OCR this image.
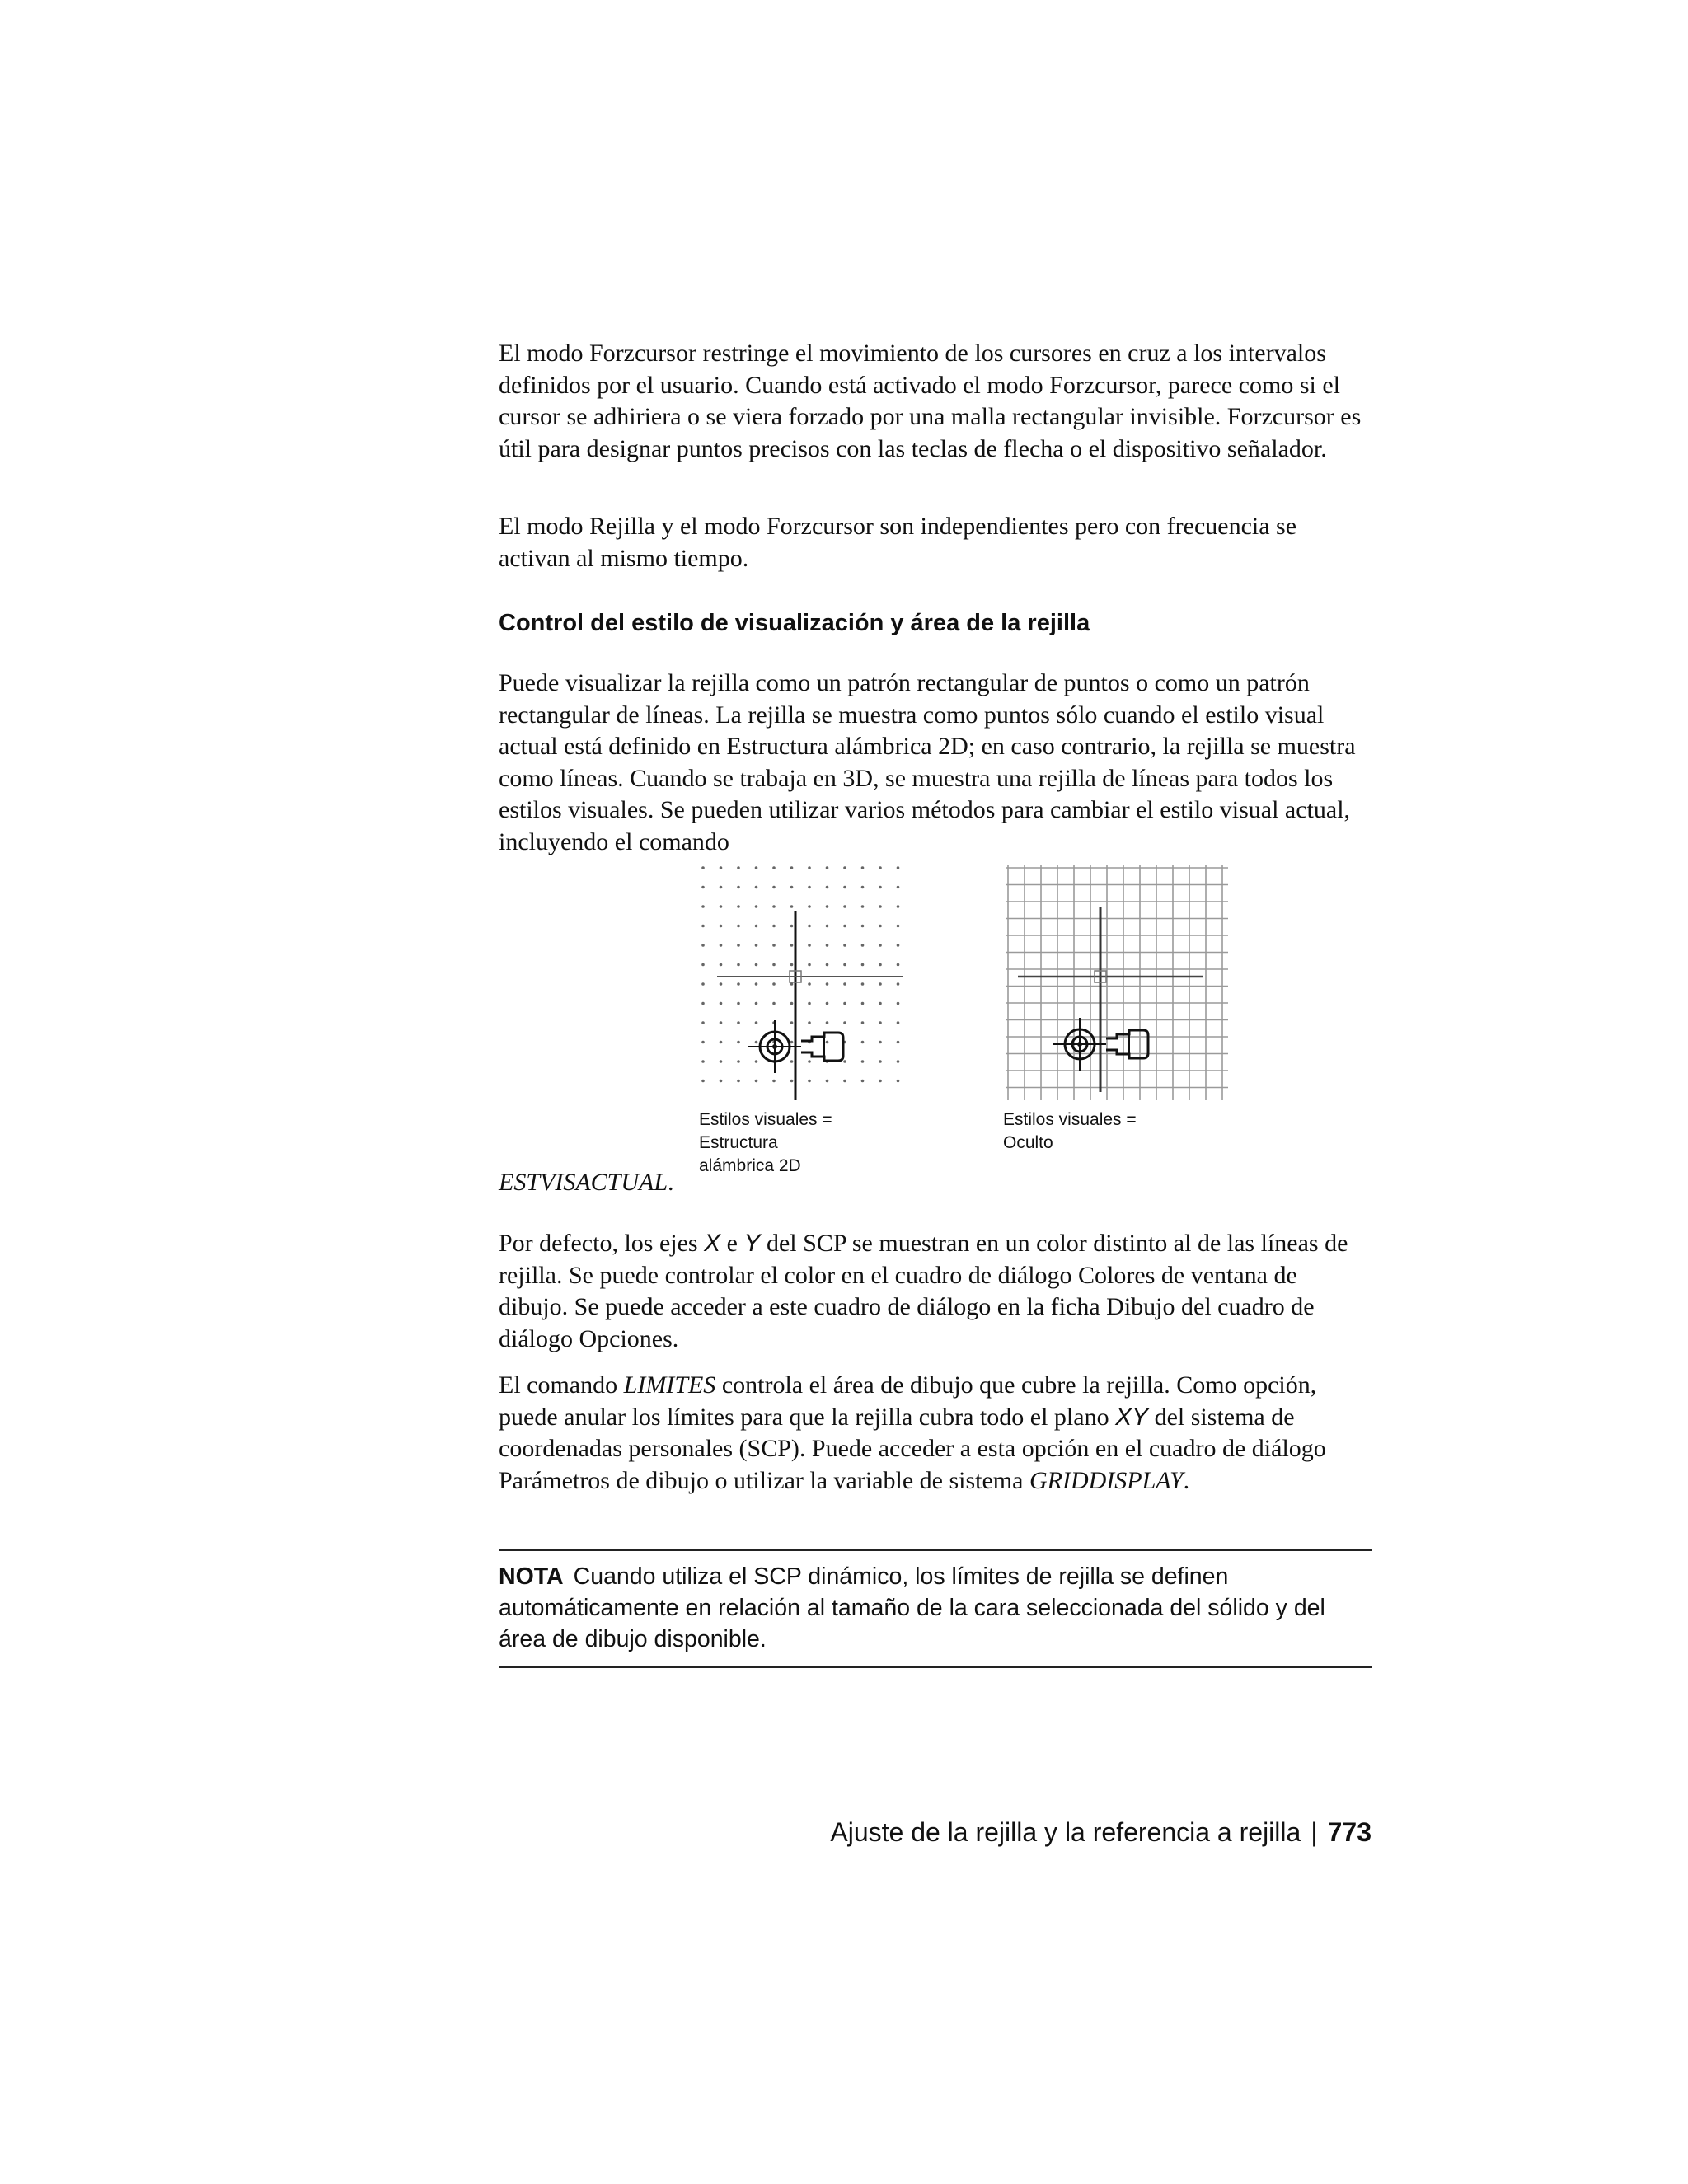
El modo Forzcursor restringe el movimiento de los cursores en cruz a los intervalos definidos por el usuario. Cuando está activado el modo Forzcursor, parece como si el cursor se adhiriera o se viera forzado por una malla rectangular invisible. Forzcursor es útil para designar puntos precisos con las teclas de flecha o el dispositivo señalador.

El modo Rejilla y el modo Forzcursor son independientes pero con frecuencia se activan al mismo tiempo.

Control del estilo de visualización y área de la rejilla

Puede visualizar la rejilla como un patrón rectangular de puntos o como un patrón rectangular de líneas. La rejilla se muestra como puntos sólo cuando el estilo visual actual está definido en Estructura alámbrica 2D; en caso contrario, la rejilla se muestra como líneas. Cuando se trabaja en 3D, se muestra una rejilla de líneas para todos los estilos visuales. Se pueden utilizar varios métodos para cambiar el estilo visual actual, incluyendo el comando

Estilos visuales =
Estructura
alámbrica 2D
Estilos visuales =
Oculto
ESTVISACTUAL.

Por defecto, los ejes X e Y del SCP se muestran en un color distinto al de las líneas de rejilla. Se puede controlar el color en el cuadro de diálogo Colores de ventana de dibujo. Se puede acceder a este cuadro de diálogo en la ficha Dibujo del cuadro de diálogo Opciones.

El comando LIMITES controla el área de dibujo que cubre la rejilla. Como opción, puede anular los límites para que la rejilla cubra todo el plano XY del sistema de coordenadas personales (SCP). Puede acceder a esta opción en el cuadro de diálogo Parámetros de dibujo o utilizar la variable de sistema GRIDDISPLAY.

NOTA Cuando utiliza el SCP dinámico, los límites de rejilla se definen automáticamente en relación al tamaño de la cara seleccionada del sólido y del área de dibujo disponible.
Ajuste de la rejilla y la referencia a rejilla | 773
